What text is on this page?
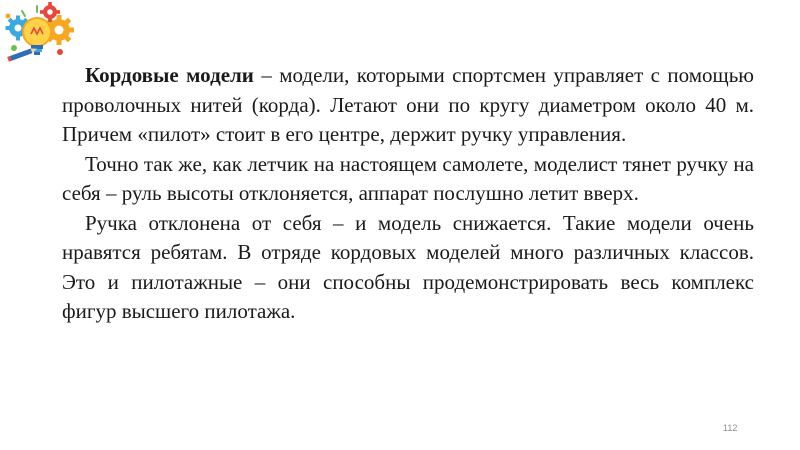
Кордовые модели – модели, которыми спортсмен управляет с помощью проволочных нитей (корда). Летают они по кругу диаметром около 40 м. Причем «пилот» стоит в его центре, держит ручку управления.

Точно так же, как летчик на настоящем самолете, моделист тянет ручку на себя – руль высоты отклоняется, аппарат послушно летит вверх.

Ручка отклонена от себя – и модель снижается. Такие модели очень нравятся ребятам. В отряде кордовых моделей много различных классов. Это и пилотажные – они способны продемонстрировать весь комплекс фигур высшего пилотажа.

112
